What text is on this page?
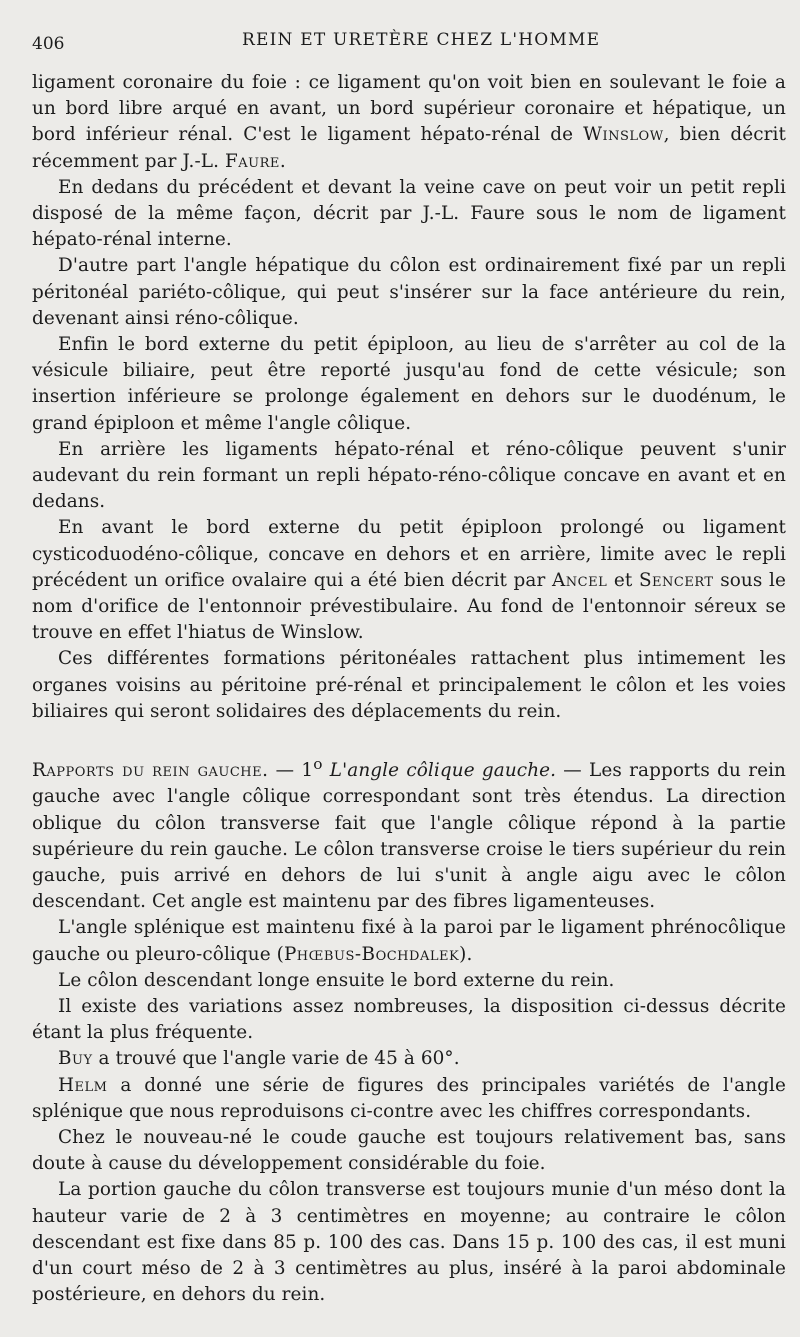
406	REIN ET URETÈRE CHEZ L'HOMME

ligament coronaire du foie : ce ligament qu'on voit bien en soulevant le foie a un bord libre arqué en avant, un bord supérieur coronaire et hépatique, un bord inférieur rénal. C'est le ligament hépato-rénal de Winslow, bien décrit récemment par J.-L. Faure.

En dedans du précédent et devant la veine cave on peut voir un petit repli disposé de la même façon, décrit par J.-L. Faure sous le nom de ligament hépato-rénal interne.

D'autre part l'angle hépatique du côlon est ordinairement fixé par un repli péritonéal pariéto-côlique, qui peut s'insérer sur la face antérieure du rein, devenant ainsi réno-côlique.

Enfin le bord externe du petit épiploon, au lieu de s'arrêter au col de la vésicule biliaire, peut être reporté jusqu'au fond de cette vésicule; son insertion inférieure se prolonge également en dehors sur le duodénum, le grand épiploon et même l'angle côlique.

En arrière les ligaments hépato-rénal et réno-côlique peuvent s'unir audevant du rein formant un repli hépato-réno-côlique concave en avant et en dedans.

En avant le bord externe du petit épiploon prolongé ou ligament cysticoduodéno-côlique, concave en dehors et en arrière, limite avec le repli précédent un orifice ovalaire qui a été bien décrit par Ancel et Sencert sous le nom d'orifice de l'entonnoir prévestibulaire. Au fond de l'entonnoir séreux se trouve en effet l'hiatus de Winslow.

Ces différentes formations péritonéales rattachent plus intimement les organes voisins au péritoine pré-rénal et principalement le côlon et les voies biliaires qui seront solidaires des déplacements du rein.

Rapports du rein gauche. — 1$^o$ L'angle côlique gauche. — Les rapports du rein gauche avec l'angle côlique correspondant sont très étendus. La direction oblique du côlon transverse fait que l'angle côlique répond à la partie supérieure du rein gauche. Le côlon transverse croise le tiers supérieur du rein gauche, puis arrivé en dehors de lui s'unit à angle aigu avec le côlon descendant. Cet angle est maintenu par des fibres ligamenteuses.

L'angle splénique est maintenu fixé à la paroi par le ligament phrénocôlique gauche ou pleuro-côlique (Phœbus-Bochdalek).

Le côlon descendant longe ensuite le bord externe du rein.

Il existe des variations assez nombreuses, la disposition ci-dessus décrite étant la plus fréquente.

Buy a trouvé que l'angle varie de 45 à 60°.

Helm a donné une série de figures des principales variétés de l'angle splénique que nous reproduisons ci-contre avec les chiffres correspondants.

Chez le nouveau-né le coude gauche est toujours relativement bas, sans doute à cause du développement considérable du foie.

La portion gauche du côlon transverse est toujours munie d'un méso dont la hauteur varie de 2 à 3 centimètres en moyenne; au contraire le côlon descendant est fixe dans 85 p. 100 des cas. Dans 15 p. 100 des cas, il est muni d'un court méso de 2 à 3 centimètres au plus, inséré à la paroi abdominale postérieure, en dehors du rein.
